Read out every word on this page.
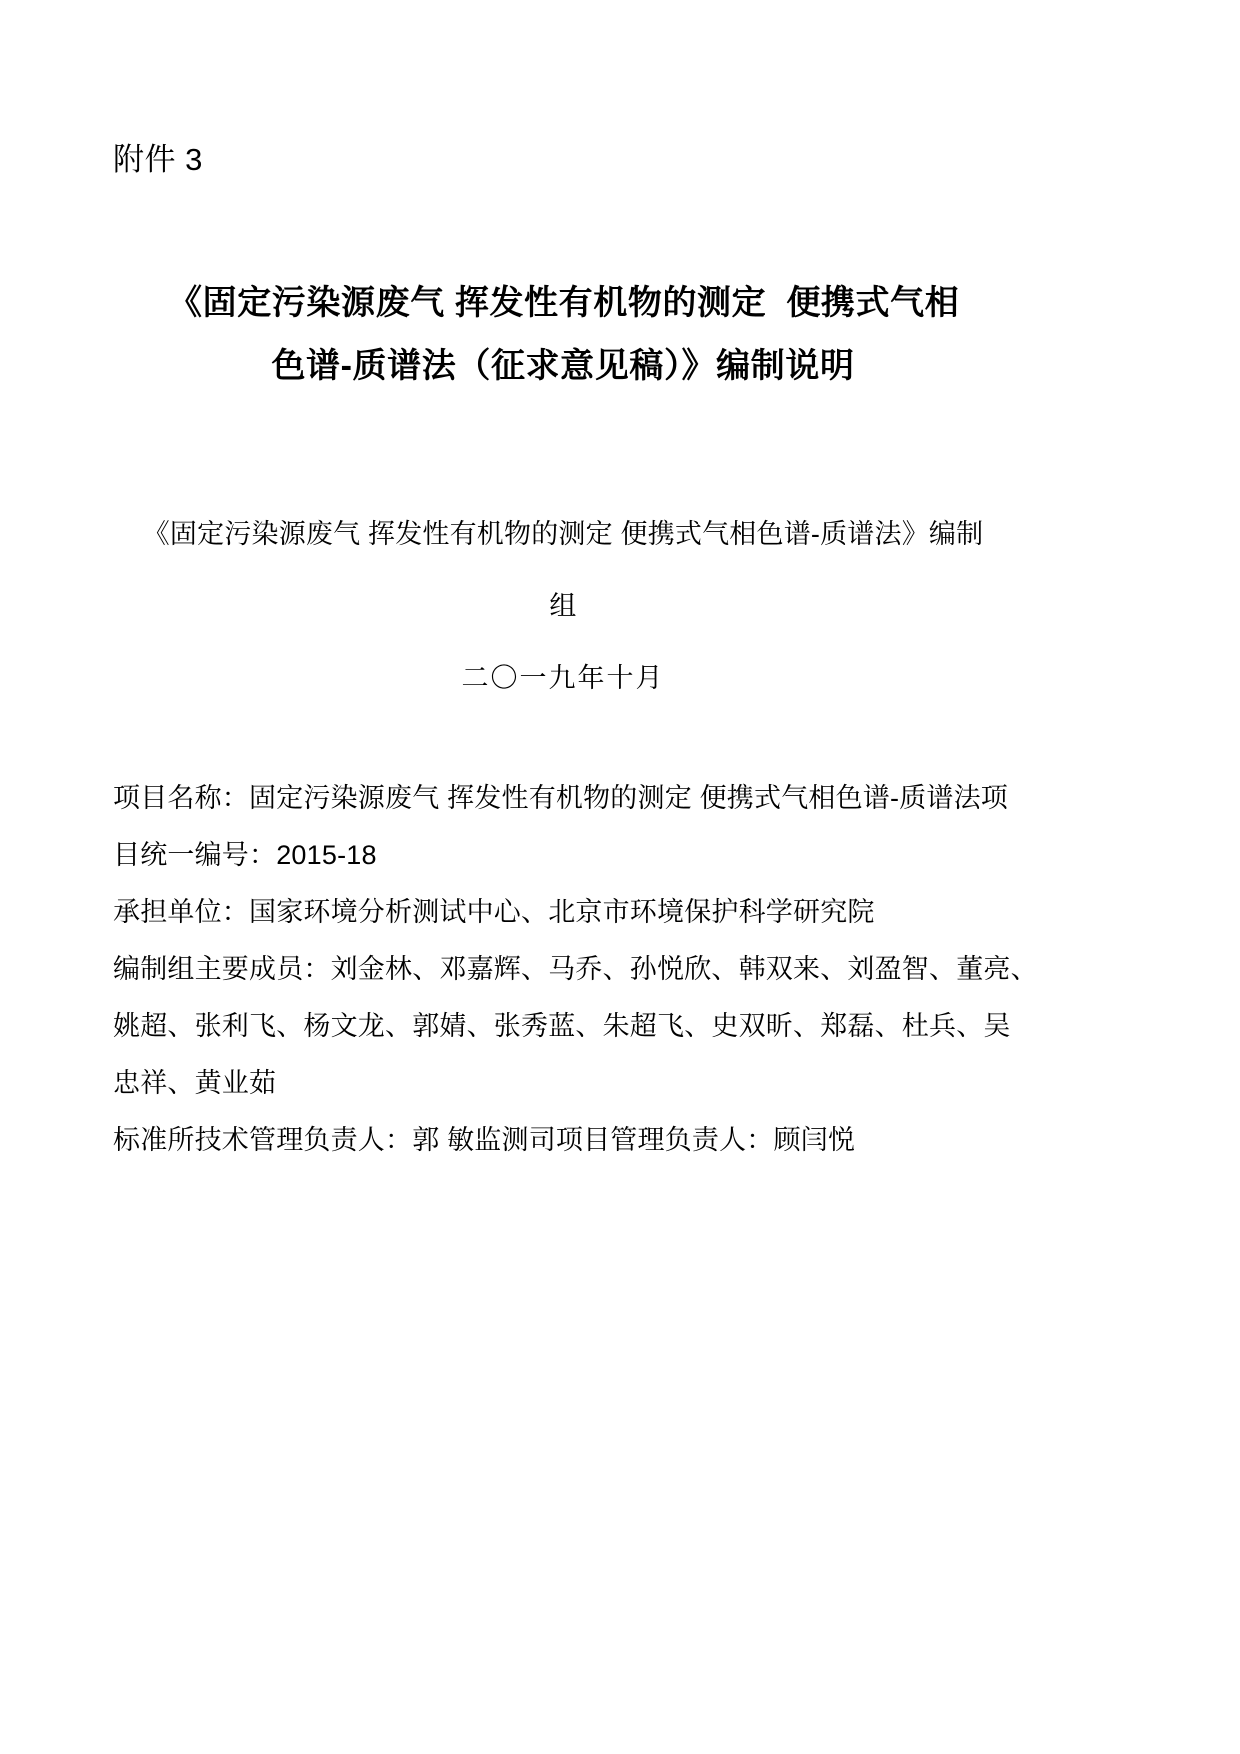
附件 3
《固定污染源废气 挥发性有机物的测定  便携式气相
色谱-质谱法（征求意见稿）》编制说明
《固定污染源废气 挥发性有机物的测定 便携式气相色谱-质谱法》编制
组
二〇一九年十月
项目名称：固定污染源废气 挥发性有机物的测定 便携式气相色谱-质谱法项
目统一编号：2015-18
承担单位：国家环境分析测试中心、北京市环境保护科学研究院
编制组主要成员：刘金林、邓嘉辉、马乔、孙悦欣、韩双来、刘盈智、董亮、
姚超、张利飞、杨文龙、郭婧、张秀蓝、朱超飞、史双昕、郑磊、杜兵、吴
忠祥、黄业茹
标准所技术管理负责人：郭 敏监测司项目管理负责人：顾闫悦
